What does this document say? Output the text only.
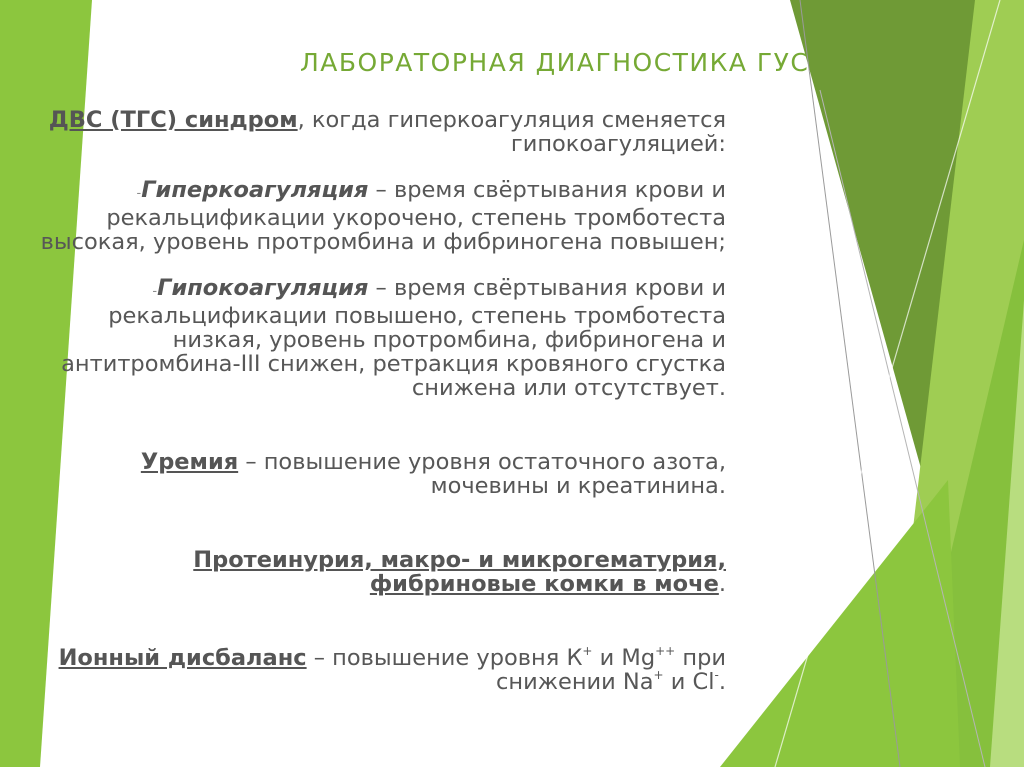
ЛАБОРАТОРНАЯ ДИАГНОСТИКА ГУС

ДВС (ТГС) синдром, когда гиперкоагуляция сменяется гипокоагуляцией:

-Гиперкоагуляция – время свёртывания крови и рекальцификации укорочено, степень тромботеста высокая, уровень протромбина и фибриногена повышен;

-Гипокоагуляция – время свёртывания крови и рекальцификации повышено, степень тромботеста низкая, уровень протромбина, фибриногена и антитромбина-III снижен, ретракция кровяного сгустка снижена или отсутствует.

Уремия – повышение уровня остаточного азота, мочевины и креатинина.

Протеинурия, макро- и микрогематурия, фибриновые комки в моче.

Ионный дисбаланс – повышение уровня К+ и Mg++ при снижении Na+ и Cl-.
